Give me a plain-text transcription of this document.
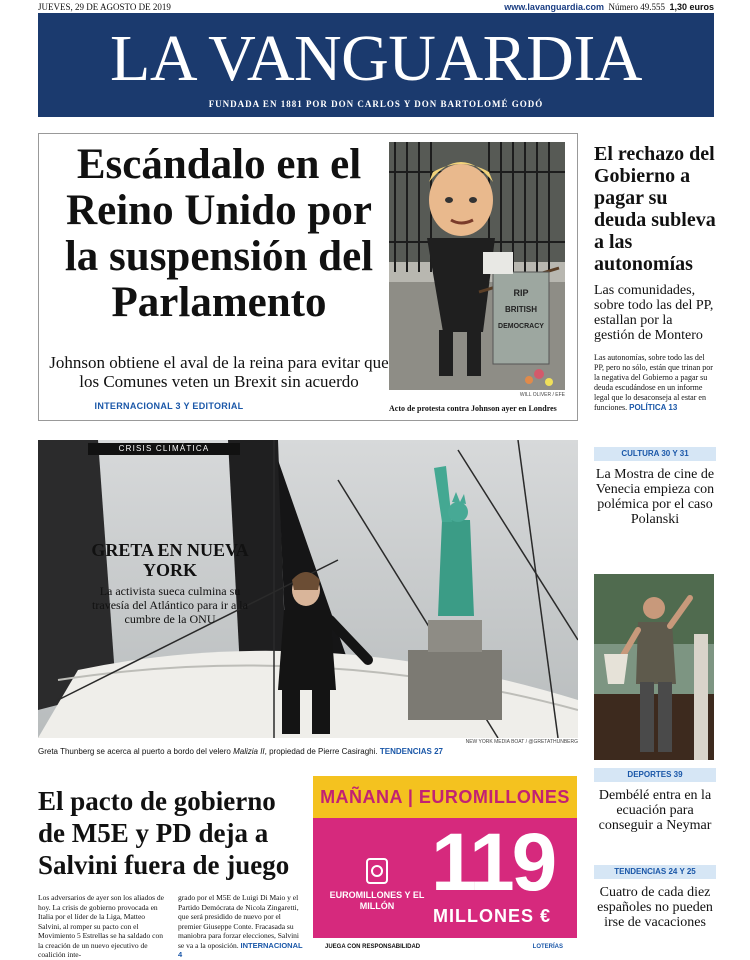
JUEVES, 29 DE AGOSTO DE 2019	www.lavanguardia.com Número 49.555 1,30 euros
LA VANGUARDIA
FUNDADA EN 1881 POR DON CARLOS Y DON BARTOLOMÉ GODÓ
Escándalo en el Reino Unido por la suspensión del Parlamento
Johnson obtiene el aval de la reina para evitar que los Comunes veten un Brexit sin acuerdo
INTERNACIONAL 3 Y EDITORIAL
RIP
BRITISH
DEMOCRACY
WILL OLIVER / EFE
Acto de protesta contra Johnson ayer en Londres
El rechazo del Gobierno a pagar su deuda subleva a las autonomías
Las comunidades, sobre todo las del PP, estallan por la gestión de Montero
Las autonomías, sobre todo las del PP, pero no sólo, están que trinan por la negativa del Gobierno a pagar su deuda escudándose en un informe legal que lo desaconseja al estar en funciones. POLÍTICA 13
CRISIS CLIMÁTICA
GRETA EN NUEVA YORK
La activista sueca culmina su travesía del Atlántico para ir a la cumbre de la ONU
NEW YORK MEDIA BOAT / @GRETATHUNBERG
Greta Thunberg se acerca al puerto a bordo del velero Malizia II, propiedad de Pierre Casiraghi. TENDENCIAS 27
CULTURA 30 Y 31
La Mostra de cine de Venecia empieza con polémica por el caso Polanski
DEPORTES 39
Dembélé entra en la ecuación para conseguir a Neymar
TENDENCIAS 24 Y 25
Cuatro de cada diez españoles no pueden irse de vacaciones
El pacto de gobierno de M5E y PD deja a Salvini fuera de juego
Los adversarios de ayer son los aliados de hoy. La crisis de gobierno provocada en Italia por el líder de la Liga, Matteo Salvini, al romper su pacto con el Movimiento 5 Estrellas se ha saldado con la creación de un nuevo ejecutivo de coalición inte-
grado por el M5E de Luigi Di Maio y el Partido Demócrata de Nicola Zingaretti, que será presidido de nuevo por el premier Giuseppe Conte. Fracasada su maniobra para forzar elecciones, Salvini se va a la oposición. INTERNACIONAL 4
MAÑANA | EUROMILLONES
EUROMILLONES Y EL MILLÓN 119
MILLONES €
JUEGA CON RESPONSABILIDAD	LOTERÍAS
